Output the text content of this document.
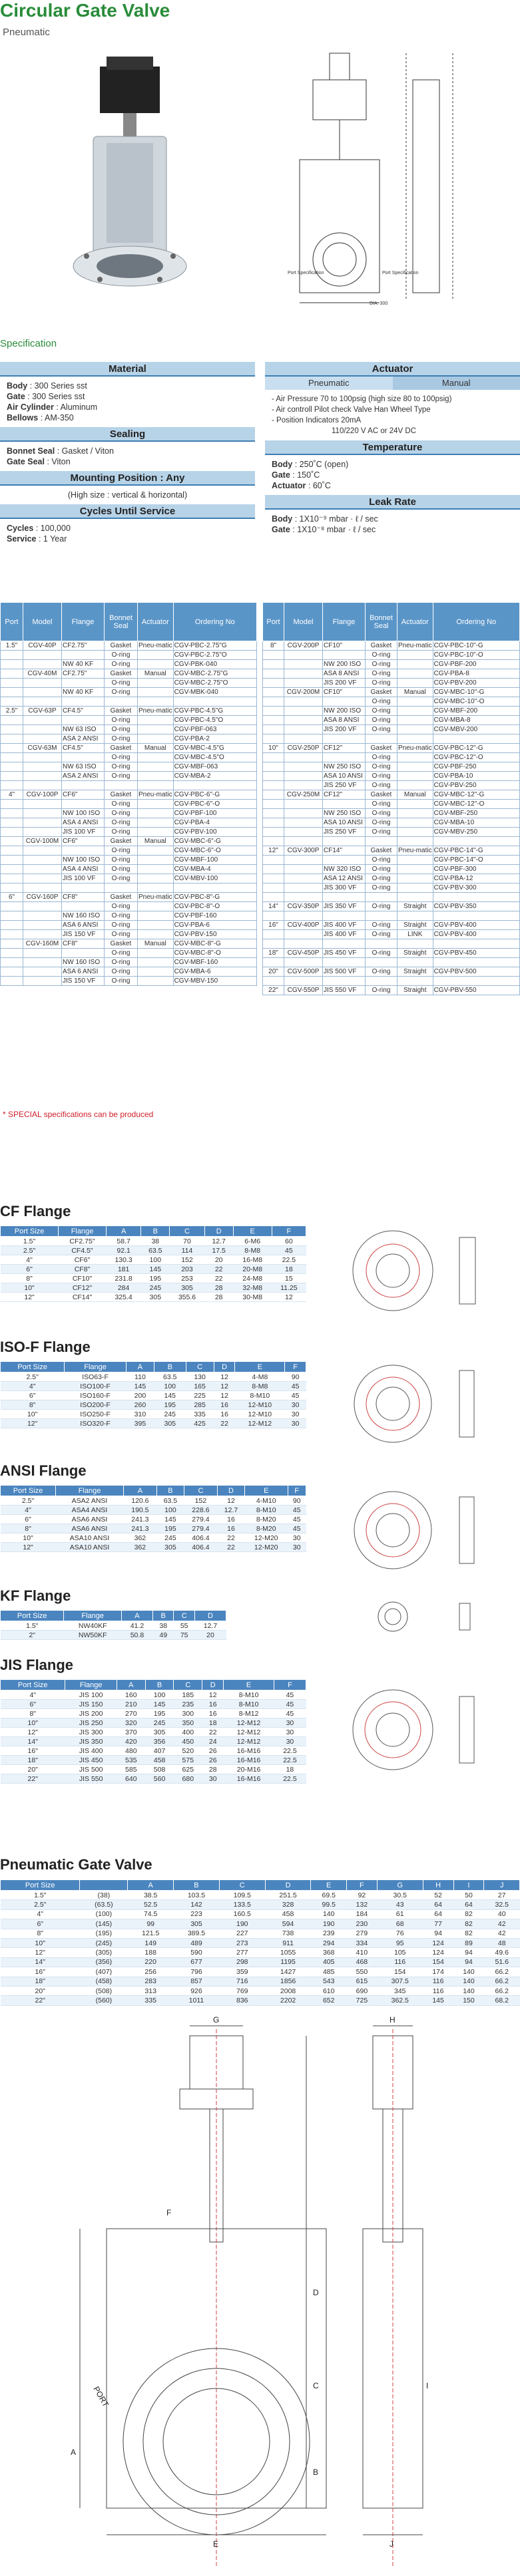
Circular Gate Valve
Pneumatic
Port Specification	Port Specification
DIA. 300
Specification
Material
Body : 300 Series sst
Gate : 300 Series sst
Air Cylinder : Aluminum
Bellows : AM-350
Sealing
Bonnet Seal : Gasket / Viton
Gate Seal : Viton
Mounting Position : Any
(High size : vertical & horizontal)
Cycles Until Service
Cycles : 100,000
Service : 1 Year
Actuator
Pneumatic	Manual
- Air Pressure 70 to 100psig (high size 80 to 100psig)
- Air controll Pilot check Valve Han Wheel Type
- Position Indicators 20mA
110/220 V AC or 24V DC
Temperature
Body : 250˚C (open)
Gate : 150˚C
Actuator : 60˚C
Leak Rate
Body : 1X10⁻⁹ mbar · ℓ / sec
Gate : 1X10⁻⁸ mbar · ℓ / sec
Port	Model	Flange	Bonnet Seal	Actuator	Ordering No
1.5"	CGV-40P	CF2.75"	Gasket	Pneu-matic	CGV-PBC-2.75"G
			O-ring		CGV-PBC-2.75"O
		NW 40 KF	O-ring		CGV-PBK-040
	CGV-40M	CF2.75"	Gasket	Manual	CGV-MBC-2.75"G
			O-ring		CGV-MBC-2.75"O
		NW 40 KF	O-ring		CGV-MBK-040

2.5"	CGV-63P	CF4.5"	Gasket	Pneu-matic	CGV-PBC-4.5"G
			O-ring		CGV-PBC-4.5"O
		NW 63 ISO	O-ring		CGV-PBF-063
		ASA 2 ANSI	O-ring		CGV-PBA-2
	CGV-63M	CF4.5"	Gasket	Manual	CGV-MBC-4.5"G
			O-ring		CGV-MBC-4.5"O
		NW 63 ISO	O-ring		CGV-MBF-063
		ASA 2 ANSI	O-ring		CGV-MBA-2

4"	CGV-100P	CF6"	Gasket	Pneu-matic	CGV-PBC-6"-G
			O-ring		CGV-PBC-6"-O
		NW 100 ISO	O-ring		CGV-PBF-100
		ASA 4 ANSI	O-ring		CGV-PBA-4
		JIS 100 VF	O-ring		CGV-PBV-100
	CGV-100M	CF6"	Gasket	Manual	CGV-MBC-6"-G
			O-ring		CGV-MBC-6"-O
		NW 100 ISO	O-ring		CGV-MBF-100
		ASA 4 ANSI	O-ring		CGV-MBA-4
		JIS 100 VF	O-ring		CGV-MBV-100

6"	CGV-160P	CF8"	Gasket	Pneu-matic	CGV-PBC-8"-G
			O-ring		CGV-PBC-8"-O
		NW 160 ISO	O-ring		CGV-PBF-160
		ASA 6 ANSI	O-ring		CGV-PBA-6
		JIS 150 VF	O-ring		CGV-PBV-150
	CGV-160M	CF8"	Gasket	Manual	CGV-MBC-8"-G
			O-ring		CGV-MBC-8"-O
		NW 160 ISO	O-ring		CGV-MBF-160
		ASA 6 ANSI	O-ring		CGV-MBA-6
		JIS 150 VF	O-ring		CGV-MBV-150
Port	Model	Flange	Bonnet Seal	Actuator	Ordering No
8"	CGV-200P	CF10"	Gasket	Pneu-matic	CGV-PBC-10"-G
			O-ring		CGV-PBC-10"-O
		NW 200 ISO	O-ring		CGV-PBF-200
		ASA 8 ANSI	O-ring		CGV-PBA-8
		JIS 200 VF	O-ring		CGV-PBV-200
	CGV-200M	CF10"	Gasket	Manual	CGV-MBC-10"-G
			O-ring		CGV-MBC-10"-O
		NW 200 ISO	O-ring		CGV-MBF-200
		ASA 8 ANSI	O-ring		CGV-MBA-8
		JIS 200 VF	O-ring		CGV-MBV-200

10"	CGV-250P	CF12"	Gasket	Pneu-matic	CGV-PBC-12"-G
			O-ring		CGV-PBC-12"-O
		NW 250 ISO	O-ring		CGV-PBF-250
		ASA 10 ANSI	O-ring		CGV-PBA-10
		JIS 250 VF	O-ring		CGV-PBV-250
	CGV-250M	CF12"	Gasket	Manual	CGV-MBC-12"-G
			O-ring		CGV-MBC-12"-O
		NW 250 ISO	O-ring		CGV-MBF-250
		ASA 10 ANSI	O-ring		CGV-MBA-10
		JIS 250 VF	O-ring		CGV-MBV-250

12"	CGV-300P	CF14"	Gasket	Pneu-matic	CGV-PBC-14"-G
			O-ring		CGV-PBC-14"-O
		NW 320 ISO	O-ring		CGV-PBF-300
		ASA 12 ANSI	O-ring		CGV-PBA-12
		JIS 300 VF	O-ring		CGV-PBV-300

14"	CGV-350P	JIS 350 VF	O-ring	Straight	CGV-PBV-350

16"	CGV-400P	JIS 400 VF	O-ring	Straight	CGV-PBV-400
		JIS 400 VF	O-ring	LINK	CGV-PBV-400

18"	CGV-450P	JIS 450 VF	O-ring	Straight	CGV-PBV-450

20"	CGV-500P	JIS 500 VF	O-ring	Straight	CGV-PBV-500

22"	CGV-550P	JIS 550 VF	O-ring	Straight	CGV-PBV-550
* SPECIAL specifications can be produced
CF Flange
Port Size	Flange	A	B	C	D	E	F
1.5"	CF2.75"	58.7	38	70	12.7	6-M6	60
2.5"	CF4.5"	92.1	63.5	114	17.5	8-M8	45
4"	CF6"	130.3	100	152	20	16-M8	22.5
6"	CF8"	181	145	203	22	20-M8	18
8"	CF10"	231.8	195	253	22	24-M8	15
10"	CF12"	284	245	305	28	32-M8	11.25
12"	CF14"	325.4	305	355.6	28	30-M8	12
ISO-F Flange
Port Size	Flange	A	B	C	D	E	F
2.5"	ISO63-F	110	63.5	130	12	4-M8	90
4"	ISO100-F	145	100	165	12	8-M8	45
6"	ISO160-F	200	145	225	12	8-M10	45
8"	ISO200-F	260	195	285	16	12-M10	30
10"	ISO250-F	310	245	335	16	12-M10	30
12"	ISO320-F	395	305	425	22	12-M12	30
ANSI Flange
Port Size	Flange	A	B	C	D	E	F
2.5"	ASA2 ANSI	120.6	63.5	152	12	4-M10	90
4"	ASA4 ANSI	190.5	100	228.6	12.7	8-M10	45
6"	ASA6 ANSI	241.3	145	279.4	16	8-M20	45
8"	ASA6 ANSI	241.3	195	279.4	16	8-M20	45
10"	ASA10 ANSI	362	245	406.4	22	12-M20	30
12"	ASA10 ANSI	362	305	406.4	22	12-M20	30
KF Flange
Port Size	Flange	A	B	C	D
1.5"	NW40KF	41.2	38	55	12.7
2"	NW50KF	50.8	49	75	20
JIS Flange
Port Size	Flange	A	B	C	D	E	F
4"	JIS 100	160	100	185	12	8-M10	45
6"	JIS 150	210	145	235	16	8-M10	45
8"	JIS 200	270	195	300	16	8-M12	45
10"	JIS 250	320	245	350	18	12-M12	30
12"	JIS 300	370	305	400	22	12-M12	30
14"	JIS 350	420	356	450	24	12-M12	30
16"	JIS 400	480	407	520	26	16-M16	22.5
18"	JIS 450	535	458	575	26	16-M16	22.5
20"	JIS 500	585	508	625	28	20-M16	18
22"	JIS 550	640	560	680	30	16-M16	22.5
Pneumatic Gate Valve
Port Size		A	B	C	D	E	F	G	H	I	J
1.5"	(38)	38.5	103.5	109.5	251.5	69.5	92	30.5	52	50	27
2.5"	(63.5)	52.5	142	133.5	328	99.5	132	43	64	64	32.5
4"	(100)	74.5	223	160.5	458	140	184	61	64	82	40
6"	(145)	99	305	190	594	190	230	68	77	82	42
8"	(195)	121.5	389.5	227	738	239	279	76	94	82	42
10"	(245)	149	489	273	911	294	334	95	124	89	48
12"	(305)	188	590	277	1055	368	410	105	124	94	49.6
14"	(356)	220	677	298	1195	405	468	116	154	94	51.6
16"	(407)	256	796	359	1427	485	550	154	174	140	66.2
18"	(458)	283	857	716	1856	543	615	307.5	116	140	66.2
20"	(508)	313	926	769	2008	610	690	345	116	140	66.2
22"	(560)	335	1011	836	2202	652	725	362.5	145	150	68.2
G	H
F
E
D
C
B
A
J
I
PORT
